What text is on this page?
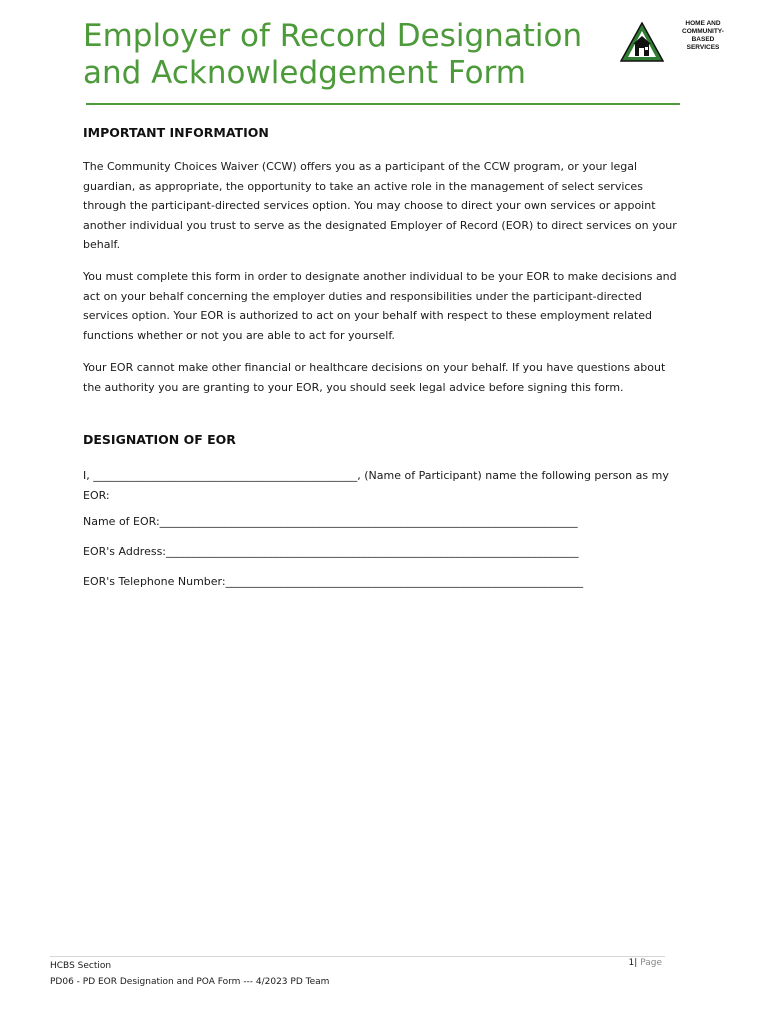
Employer of Record Designation
and Acknowledgement Form
HOME AND
COMMUNITY-
BASED
SERVICES
IMPORTANT INFORMATION

The Community Choices Waiver (CCW) offers you as a participant of the CCW program, or your legal guardian, as appropriate, the opportunity to take an active role in the management of select services through the participant-directed services option. You may choose to direct your own services or appoint another individual you trust to serve as the designated Employer of Record (EOR) to direct services on your behalf.

You must complete this form in order to designate another individual to be your EOR to make decisions and act on your behalf concerning the employer duties and responsibilities under the participant-directed services option. Your EOR is authorized to act on your behalf with respect to these employment related functions whether or not you are able to act for yourself.

Your EOR cannot make other financial or healthcare decisions on your behalf. If you have questions about the authority you are granting to your EOR, you should seek legal advice before signing this form.

DESIGNATION OF EOR

I, ________________________________________________, (Name of Participant) name the following person as my EOR:

Name of EOR:____________________________________________________________________________
EOR's Address:___________________________________________________________________________
EOR's Telephone Number:_________________________________________________________________
HCBS Section
PD06 - PD EOR Designation and POA Form --- 4/2023 PD Team
1| Page
